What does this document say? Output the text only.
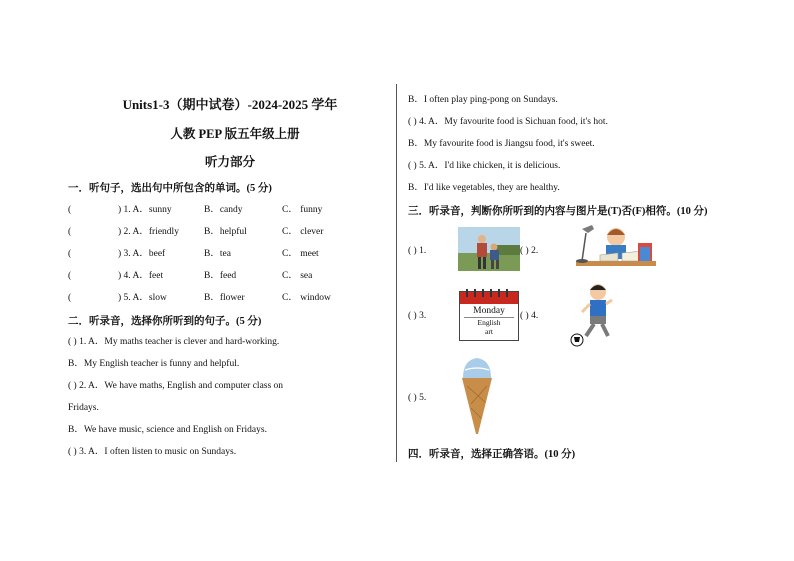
Units1-3（期中试卷）-2024-2025 学年
人教 PEP 版五年级上册
听力部分
一．听句子，选出句中所包含的单词。(5 分)
(	) 1. A．sunny	B．candy	C． funny
(	) 2. A．friendly	B．helpful	C． clever
(	) 3. A．beef	B．tea	C． meet
(	) 4. A．feet	B．feed	C． sea
(	) 5. A．slow	B．flower	C． window
二．听录音，选择你所听到的句子。(5 分)
( ) 1. A．My maths teacher is clever and hard-working.
B．My English teacher is funny and helpful.
( ) 2. A．We have maths, English and computer class on
Fridays.
B．We have music, science and English on Fridays.
( ) 3. A．I often listen to music on Sundays.
B．I often play ping-pong on Sundays.
( ) 4. A．My favourite food is Sichuan food, it's hot.
B．My favourite food is Jiangsu food, it's sweet.
( ) 5. A．I'd like chicken, it is delicious.
B．I'd like vegetables, they are healthy.
三．听录音，判断你所听到的内容与图片是(T)否(F)相符。(10 分)
( ) 1.	( ) 2.
( ) 3.	( ) 4.
( ) 5.
Monday
English
art
四．听录音，选择正确答语。(10 分)
